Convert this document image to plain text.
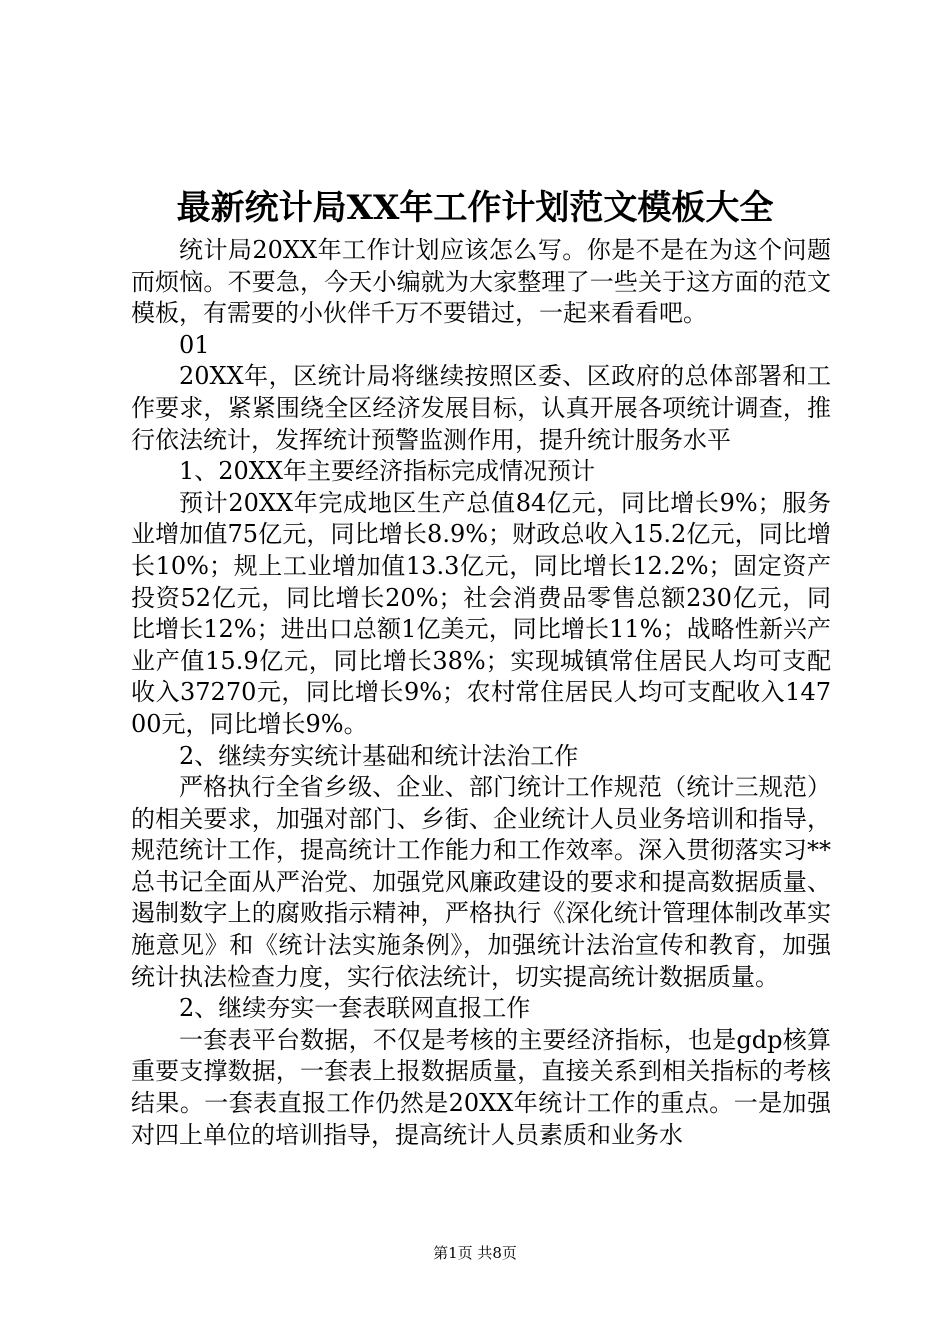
最新统计局XX年工作计划范文模板大全

统计局20XX年工作计划应该怎么写。你是不是在为这个问题而烦恼。不要急，今天小编就为大家整理了一些关于这方面的范文模板，有需要的小伙伴千万不要错过，一起来看看吧。

01

20XX年，区统计局将继续按照区委、区政府的总体部署和工作要求，紧紧围绕全区经济发展目标，认真开展各项统计调查，推行依法统计，发挥统计预警监测作用，提升统计服务水平

1、20XX年主要经济指标完成情况预计

预计20XX年完成地区生产总值84亿元，同比增长9%；服务业增加值75亿元，同比增长8.9%；财政总收入15.2亿元，同比增长10%；规上工业增加值13.3亿元，同比增长12.2%；固定资产投资52亿元，同比增长20%；社会消费品零售总额230亿元，同比增长12%；进出口总额1亿美元，同比增长11%；战略性新兴产业产值15.9亿元，同比增长38%；实现城镇常住居民人均可支配收入37270元，同比增长9%；农村常住居民人均可支配收入14700元，同比增长9%。

2、继续夯实统计基础和统计法治工作

严格执行全省乡级、企业、部门统计工作规范（统计三规范）的相关要求，加强对部门、乡街、企业统计人员业务培训和指导，规范统计工作，提高统计工作能力和工作效率。深入贯彻落实习**总书记全面从严治党、加强党风廉政建设的要求和提高数据质量、遏制数字上的腐败指示精神，严格执行《深化统计管理体制改革实施意见》和《统计法实施条例》，加强统计法治宣传和教育，加强统计执法检查力度，实行依法统计，切实提高统计数据质量。

2、继续夯实一套表联网直报工作

一套表平台数据，不仅是考核的主要经济指标，也是gdp核算重要支撑数据，一套表上报数据质量，直接关系到相关指标的考核结果。一套表直报工作仍然是20XX年统计工作的重点。一是加强对四上单位的培训指导，提高统计人员素质和业务水

第1页 共8页
